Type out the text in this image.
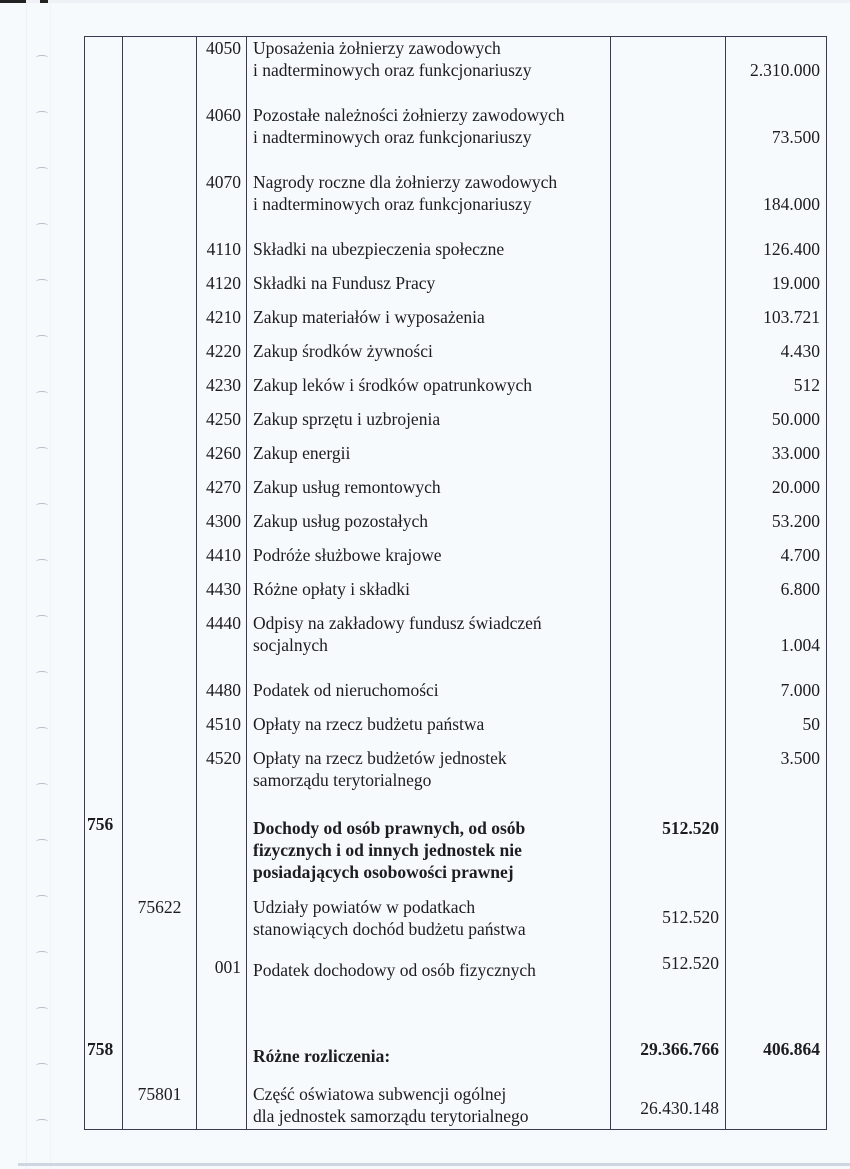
		4050	Uposażenia żołnierzy zawodowych
i nadterminowych oraz funkcjonariuszy		2.310.000

		4060	Pozostałe należności żołnierzy zawodowych
i nadterminowych oraz funkcjonariuszy		73.500

		4070	Nagrody roczne dla żołnierzy zawodowych
i nadterminowych oraz funkcjonariuszy		184.000

		4110	Składki na ubezpieczenia społeczne		126.400

		4120	Składki na Fundusz Pracy		19.000

		4210	Zakup materiałów i wyposażenia		103.721

		4220	Zakup środków żywności		4.430

		4230	Zakup leków i środków opatrunkowych		512

		4250	Zakup sprzętu i uzbrojenia		50.000

		4260	Zakup energii		33.000

		4270	Zakup usług remontowych		20.000

		4300	Zakup usług pozostałych		53.200

		4410	Podróże służbowe krajowe		4.700

		4430	Różne opłaty i składki		6.800

		4440	Odpisy na zakładowy fundusz świadczeń
socjalnych		1.004

		4480	Podatek od nieruchomości		7.000

		4510	Opłaty na rzecz budżetu państwa		50

		4520	Opłaty na rzecz budżetów jednostek
samorządu terytorialnego		3.500

756			Dochody od osób prawnych, od osób
fizycznych i od innych jednostek nie
posiadających osobowości prawnej	512.520	

	75622		Udziały powiatów w podatkach
stanowiących dochód budżetu państwa	512.520	

		001	Podatek dochodowy od osób fizycznych	512.520	

758			Różne rozliczenia:	29.366.766	406.864

	75801		Część oświatowa subwencji ogólnej
dla jednostek samorządu terytorialnego	26.430.148	
